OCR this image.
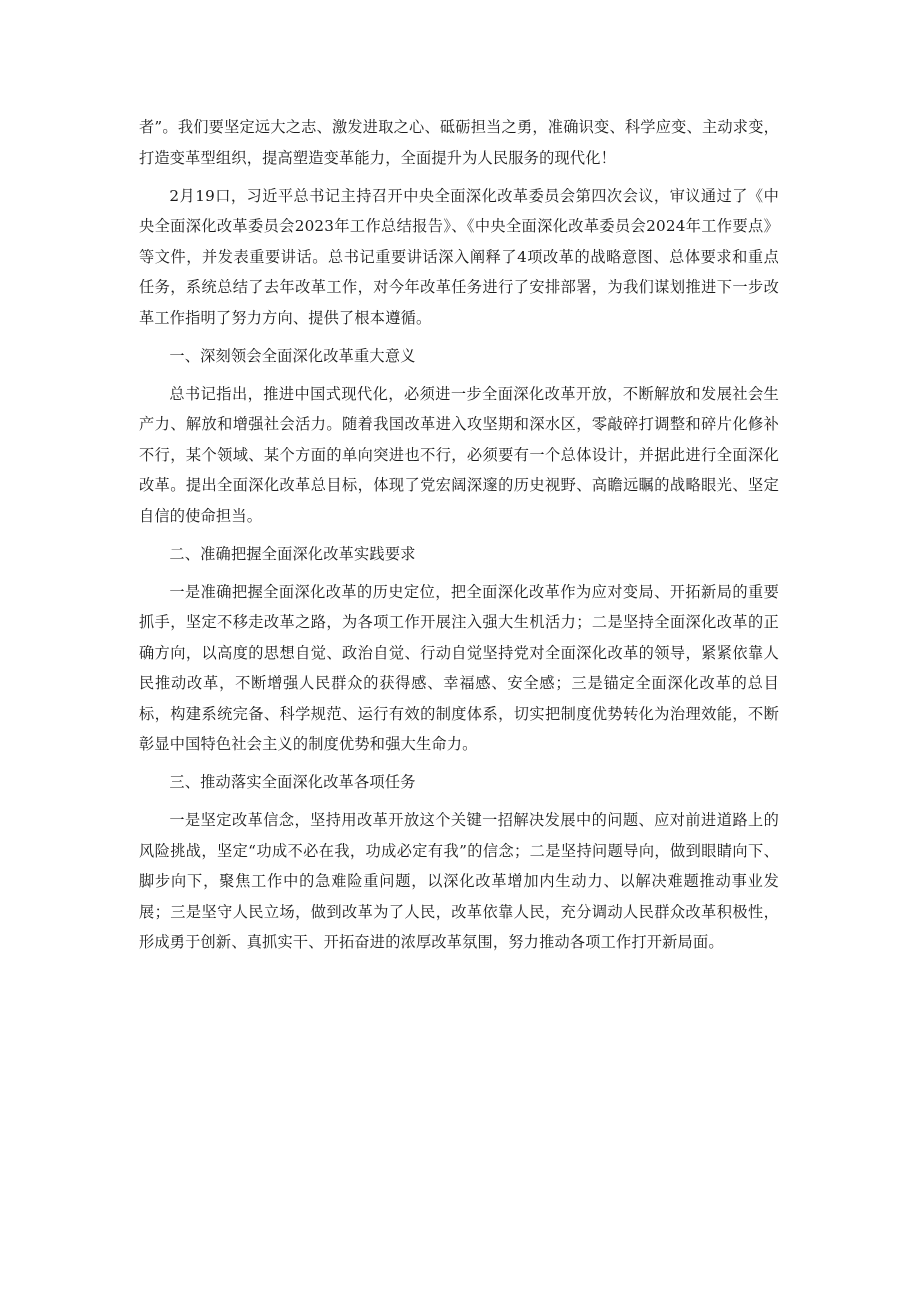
者”。我们要坚定远大之志、激发进取之心、砥砺担当之勇，准确识变、科学应变、主动求变，打造变革型组织，提高塑造变革能力，全面提升为人民服务的现代化！

2月19口，习近平总书记主持召开中央全面深化改革委员会第四次会议，审议通过了《中央全面深化改革委员会2023年工作总结报告》、《中央全面深化改革委员会2024年工作要点》等文件，并发表重要讲话。总书记重要讲话深入阐释了4项改革的战略意图、总体要求和重点任务，系统总结了去年改革工作，对今年改革任务进行了安排部署，为我们谋划推进下一步改革工作指明了努力方向、提供了根本遵循。

一、深刻领会全面深化改革重大意义

总书记指出，推进中国式现代化，必须进一步全面深化改革开放，不断解放和发展社会生产力、解放和增强社会活力。随着我国改革进入攻坚期和深水区，零敲碎打调整和碎片化修补不行，某个领域、某个方面的单向突进也不行，必须要有一个总体设计，并据此进行全面深化改革。提出全面深化改革总目标，体现了党宏阔深邃的历史视野、高瞻远瞩的战略眼光、坚定自信的使命担当。

二、准确把握全面深化改革实践要求

一是准确把握全面深化改革的历史定位，把全面深化改革作为应对变局、开拓新局的重要抓手，坚定不移走改革之路，为各项工作开展注入强大生机活力；二是坚持全面深化改革的正确方向，以高度的思想自觉、政治自觉、行动自觉坚持党对全面深化改革的领导，紧紧依靠人民推动改革，不断增强人民群众的获得感、幸福感、安全感；三是锚定全面深化改革的总目标，构建系统完备、科学规范、运行有效的制度体系，切实把制度优势转化为治理效能，不断彰显中国特色社会主义的制度优势和强大生命力。

三、推动落实全面深化改革各项任务

一是坚定改革信念，坚持用改革开放这个关键一招解决发展中的问题、应对前进道路上的风险挑战，坚定“功成不必在我，功成必定有我”的信念；二是坚持问题导向，做到眼睛向下、脚步向下，聚焦工作中的急难险重问题，以深化改革增加内生动力、以解决难题推动事业发展；三是坚守人民立场，做到改革为了人民，改革依靠人民，充分调动人民群众改革积极性，形成勇于创新、真抓实干、开拓奋进的浓厚改革氛围，努力推动各项工作打开新局面。
